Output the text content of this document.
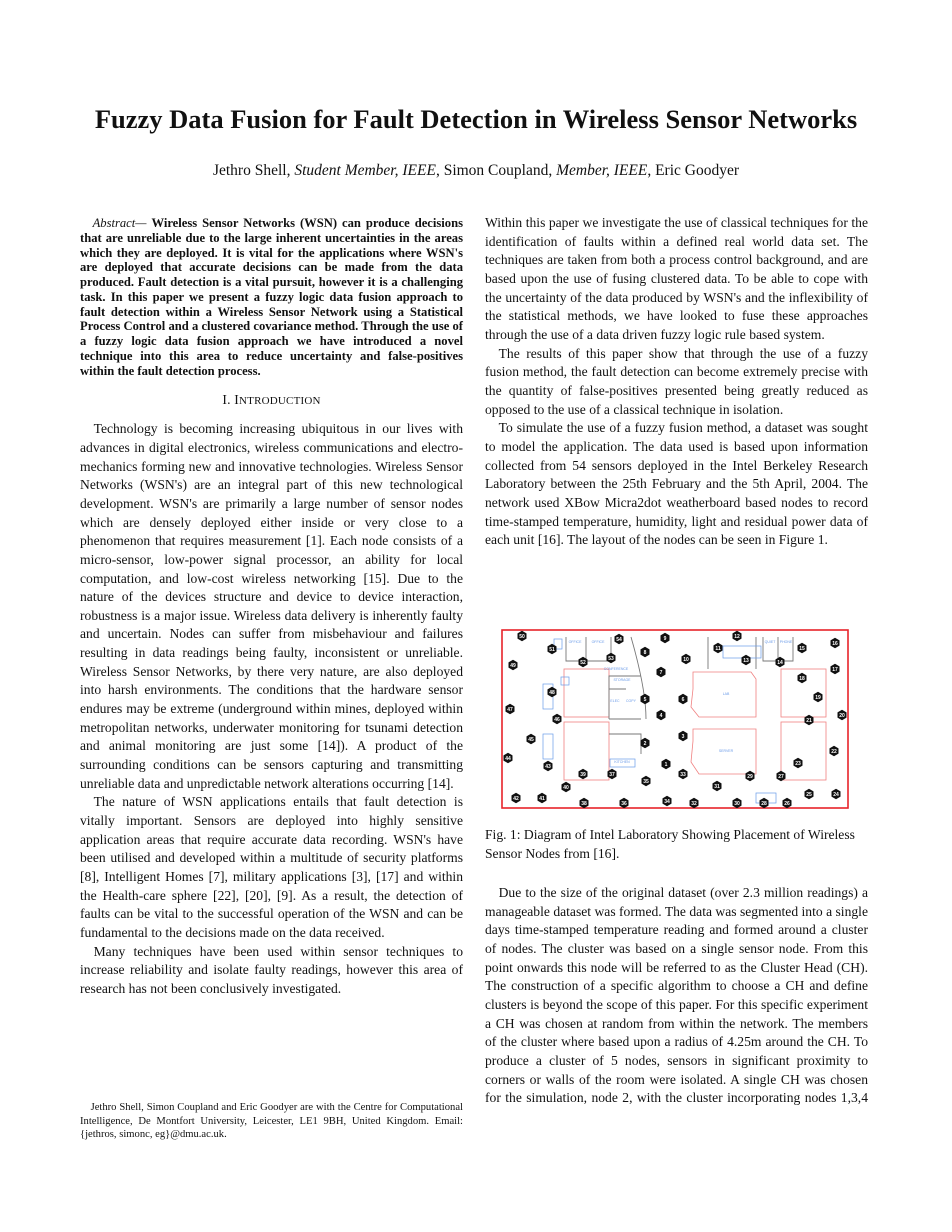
Fuzzy Data Fusion for Fault Detection in Wireless Sensor Networks
Jethro Shell, Student Member, IEEE, Simon Coupland, Member, IEEE, Eric Goodyer

Abstract— Wireless Sensor Networks (WSN) can produce decisions that are unreliable due to the large inherent uncertainties in the areas which they are deployed. It is vital for the applications where WSN's are deployed that accurate decisions can be made from the data produced. Fault detection is a vital pursuit, however it is a challenging task. In this paper we present a fuzzy logic data fusion approach to fault detection within a Wireless Sensor Network using a Statistical Process Control and a clustered covariance method. Through the use of a fuzzy logic data fusion approach we have introduced a novel technique into this area to reduce uncertainty and false-positives within the fault detection process.

I. INTRODUCTION

Technology is becoming increasing ubiquitous in our lives with advances in digital electronics, wireless communications and electro-mechanics forming new and innovative technologies. Wireless Sensor Networks (WSN's) are an integral part of this new technological development. WSN's are primarily a large number of sensor nodes which are densely deployed either inside or very close to a phenomenon that requires measurement [1]. Each node consists of a micro-sensor, low-power signal processor, an ability for local computation, and low-cost wireless networking [15]. Due to the nature of the devices structure and device to device interaction, robustness is a major issue. Wireless data delivery is inherently faulty and uncertain. Nodes can suffer from misbehaviour and failures resulting in data readings being faulty, inconsistent or unreliable. Wireless Sensor Networks, by there very nature, are also deployed into harsh environments. The conditions that the hardware sensor endures may be extreme (underground within mines, deployed within metropolitan networks, underwater monitoring for tsunami detection and animal monitoring are just some [14]). A product of the surrounding conditions can be sensors capturing and transmitting unreliable data and unpredictable network alterations occurring [14].

The nature of WSN applications entails that fault detection is vitally important. Sensors are deployed into highly sensitive application areas that require accurate data recording. WSN's have been utilised and developed within a multitude of security platforms [8], Intelligent Homes [7], military applications [3], [17] and within the Health-care sphere [22], [20], [9]. As a result, the detection of faults can be vital to the successful operation of the WSN and can be fundamental to the decisions made on the data received.

Many techniques have been used within sensor techniques to increase reliability and isolate faulty readings, however this area of research has not been conclusively investigated.

Jethro Shell, Simon Coupland and Eric Goodyer are with the Centre for Computational Intelligence, De Montfort University, Leicester, LE1 9BH, United Kingdom. Email: {jethros, simonc, eg}@dmu.ac.uk.

Within this paper we investigate the use of classical techniques for the identification of faults within a defined real world data set. The techniques are taken from both a process control background, and are based upon the use of fusing clustered data. To be able to cope with the uncertainty of the data produced by WSN's and the inflexibility of the statistical methods, we have looked to fuse these approaches through the use of a data driven fuzzy logic rule based system.

The results of this paper show that through the use of a fuzzy fusion method, the fault detection can become extremely precise with the quantity of false-positives presented being greatly reduced as opposed to the use of a classical technique in isolation.

To simulate the use of a fuzzy fusion method, a dataset was sought to model the application. The data used is based upon information collected from 54 sensors deployed in the Intel Berkeley Research Laboratory between the 25th February and the 5th April, 2004. The network used XBow Micra2dot weatherboard based nodes to record time-stamped temperature, humidity, light and residual power data of each unit [16]. The layout of the nodes can be seen in Figure 1.

1
2
3
4
5	6
7
8
9
10
11
12
13	14
15
16
17
18
19
20
21
22
23
24
25
26
27
28
29
30
31
32
33
34
35
36
37
38
39
40
41
42
43
44
45
46
47
48
49
50
51
52
53
54
OFFICE	OFFICE
CONFERENCE
STORAGE
ELEC COPY
KITCHEN
LAB
SERVER
QUIET PHONE

Fig. 1: Diagram of Intel Laboratory Showing Placement of Wireless Sensor Nodes from [16].

Due to the size of the original dataset (over 2.3 million readings) a manageable dataset was formed. The data was segmented into a single days time-stamped temperature reading and formed around a cluster of nodes. The cluster was based on a single sensor node. From this point onwards this node will be referred to as the Cluster Head (CH). The construction of a specific algorithm to choose a CH and define clusters is beyond the scope of this paper. For this specific experiment a CH was chosen at random from within the network. The members of the cluster where based upon a radius of 4.25m around the CH. To produce a cluster of 5 nodes, sensors in significant proximity to corners or walls of the room were isolated. A single CH was chosen for the simulation, node 2, with the cluster incorporating nodes 1,3,4
